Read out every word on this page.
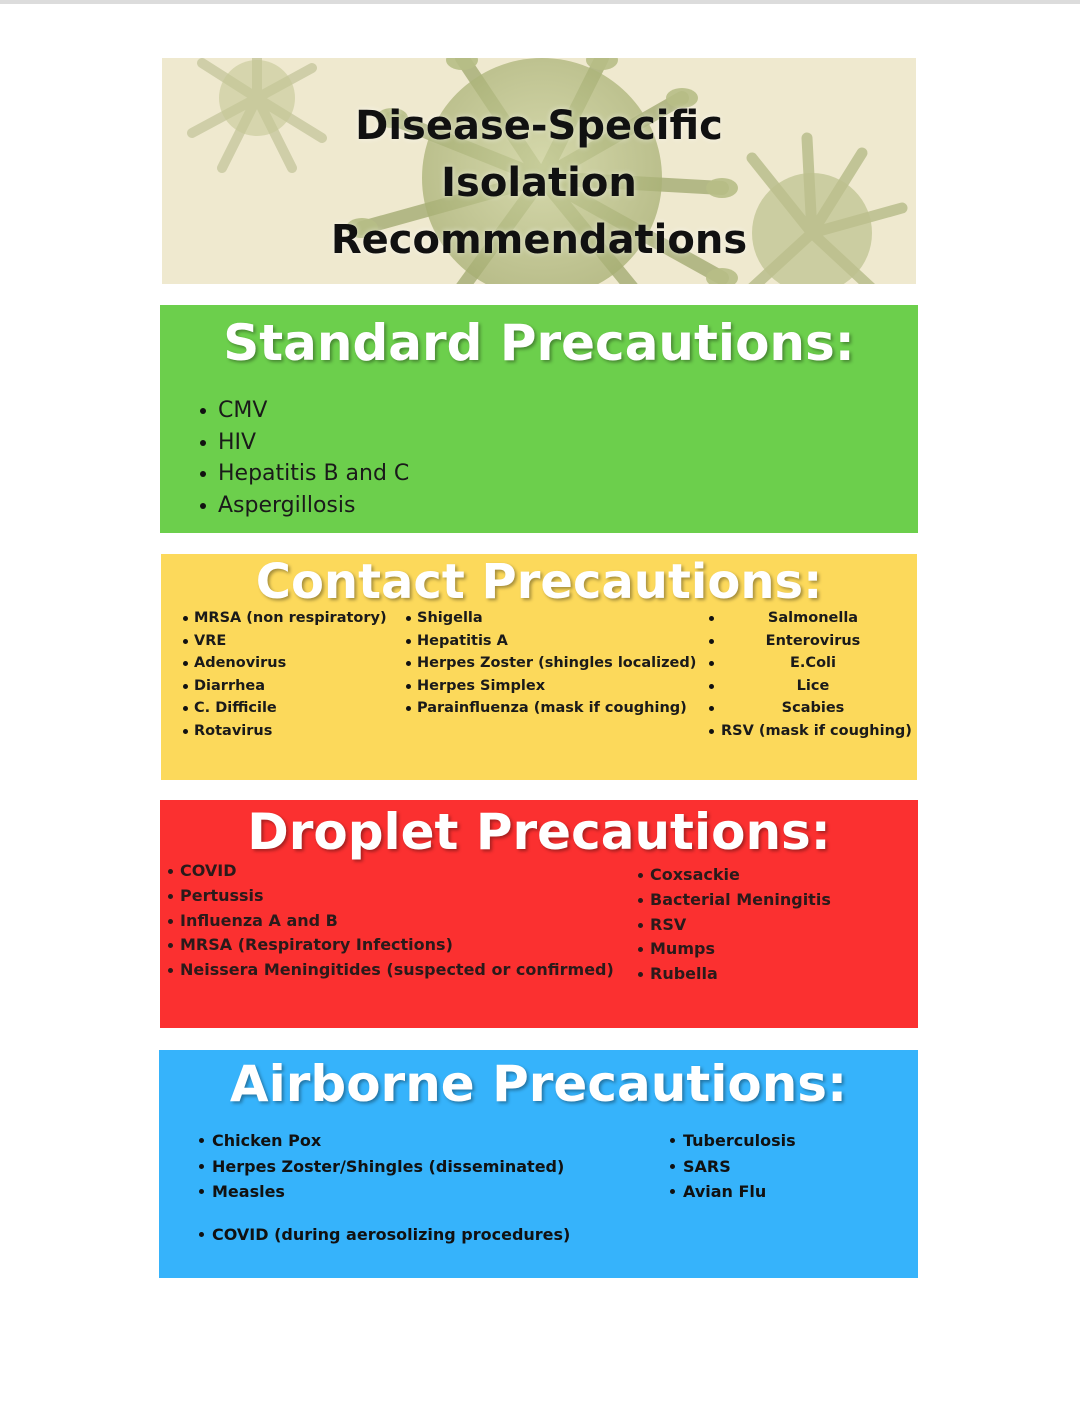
Disease-Specific
Isolation
Recommendations
Standard Precautions:
CMV
HIV
Hepatitis B and C
Aspergillosis
Contact Precautions:
MRSA (non respiratory)
VRE
Adenovirus
Diarrhea
C. Difficile
Rotavirus
Shigella
Hepatitis A
Herpes Zoster (shingles localized)
Herpes Simplex
Parainfluenza (mask if coughing)
Salmonella
Enterovirus
E.Coli
Lice
Scabies
RSV (mask if coughing)
Droplet Precautions:
COVID
Pertussis
Influenza A and B
MRSA (Respiratory Infections)
Neissera Meningitides (suspected or confirmed)
Coxsackie
Bacterial Meningitis
RSV
Mumps
Rubella
Airborne Precautions:
Chicken Pox
Herpes Zoster/Shingles (disseminated)
Measles
COVID (during aerosolizing procedures)
Tuberculosis
SARS
Avian Flu
